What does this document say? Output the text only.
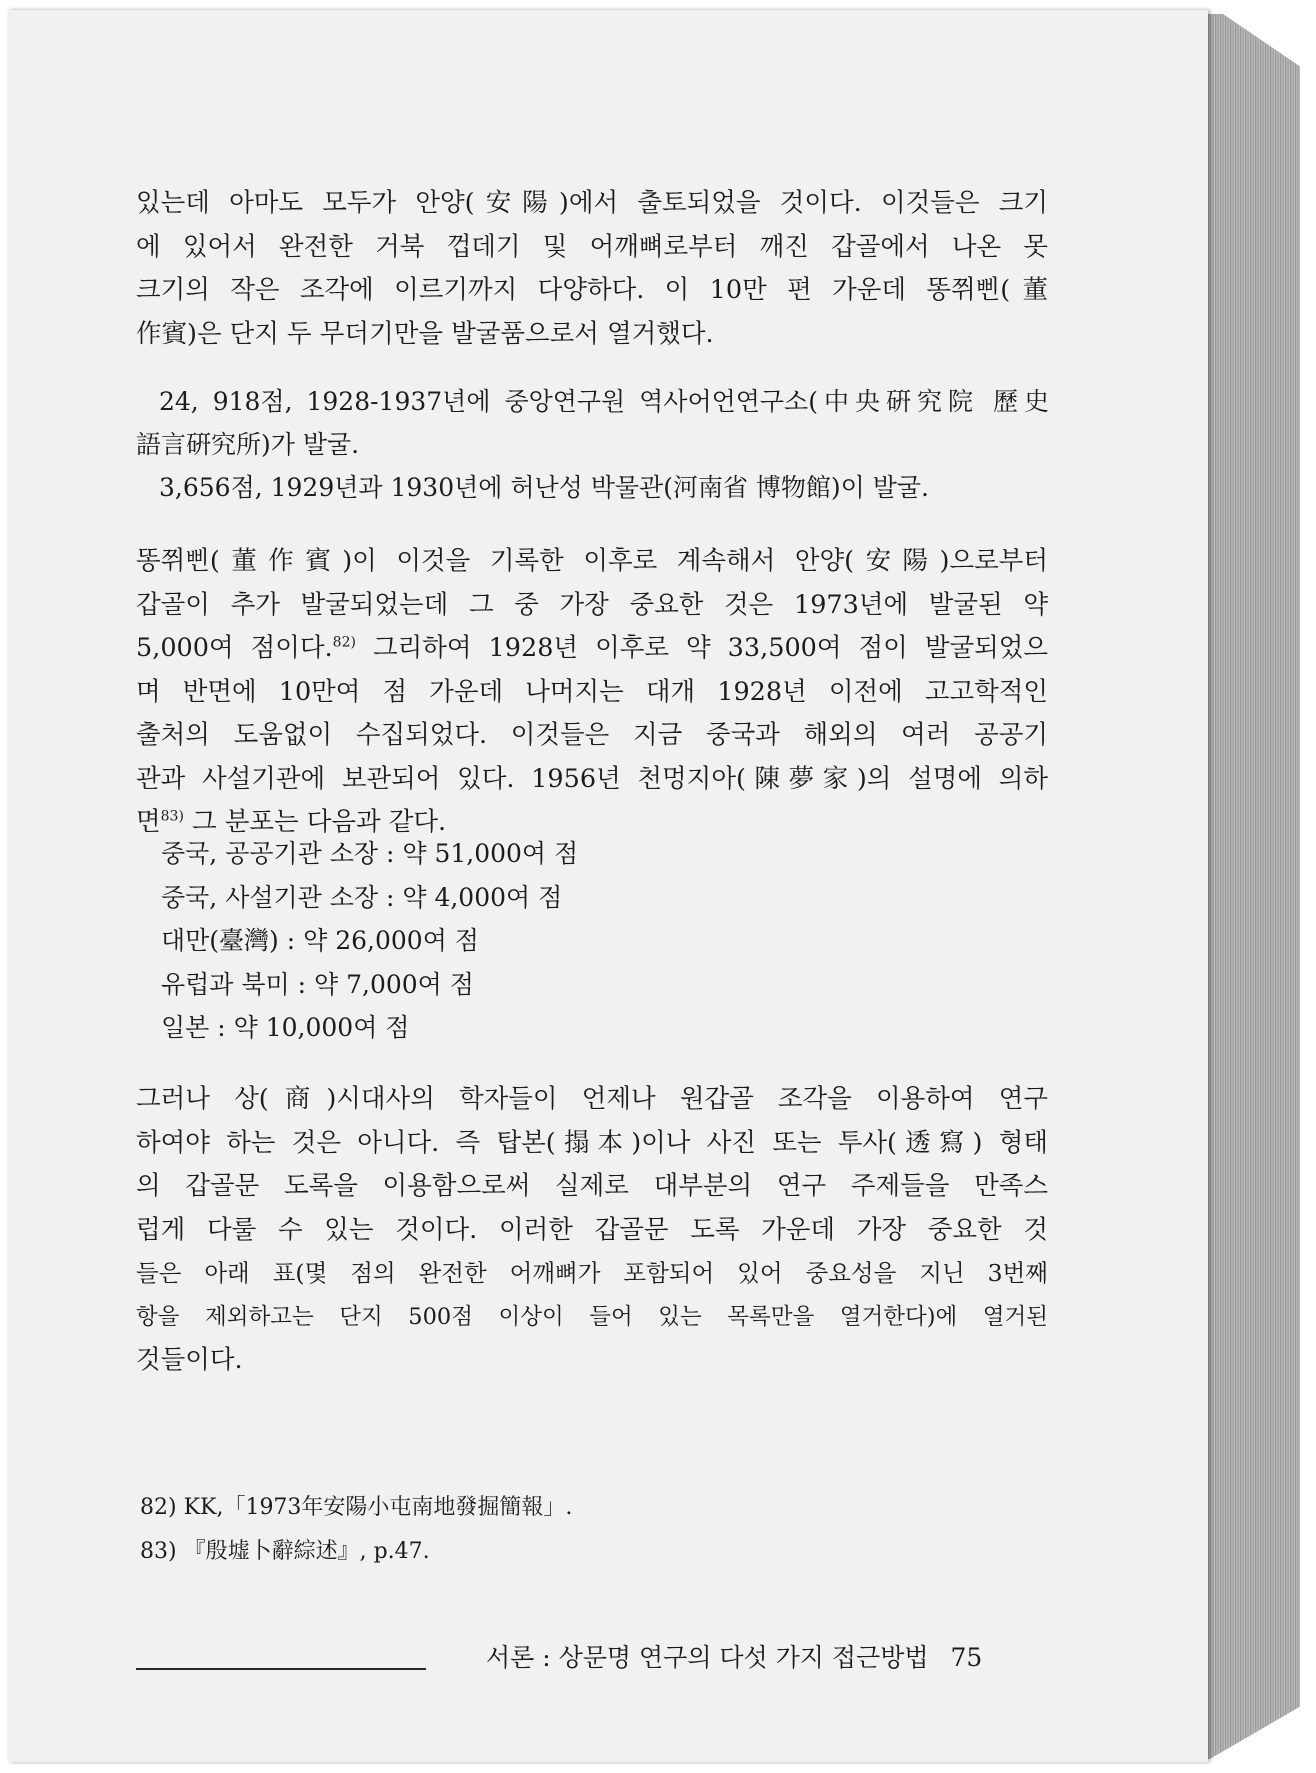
있는데 아마도 모두가 안양(安陽)에서 출토되었을 것이다. 이것들은 크기
에 있어서 완전한 거북 껍데기 및 어깨뼈로부터 깨진 갑골에서 나온 못
크기의 작은 조각에 이르기까지 다양하다. 이 10만 편 가운데 똥쮜삔(董
作賓)은 단지 두 무더기만을 발굴품으로서 열거했다.
24, 918점, 1928-1937년에 중앙연구원 역사어언연구소(中央硏究院 歷史
語言硏究所)가 발굴.
3,656점, 1929년과 1930년에 허난성 박물관(河南省 博物館)이 발굴.
똥쮜삔(董作賓)이 이것을 기록한 이후로 계속해서 안양(安陽)으로부터
갑골이 추가 발굴되었는데 그 중 가장 중요한 것은 1973년에 발굴된 약
5,000여 점이다.$^{82)}$ 그리하여 1928년 이후로 약 33,500여 점이 발굴되었으
며 반면에 10만여 점 가운데 나머지는 대개 1928년 이전에 고고학적인
출처의 도움없이 수집되었다. 이것들은 지금 중국과 해외의 여러 공공기
관과 사설기관에 보관되어 있다. 1956년 천멍지아(陳夢家)의 설명에 의하
면$^{83)}$ 그 분포는 다음과 같다.
중국, 공공기관 소장 : 약 51,000여 점
중국, 사설기관 소장 : 약 4,000여 점
대만(臺灣) : 약 26,000여 점
유럽과 북미 : 약 7,000여 점
일본 : 약 10,000여 점
그러나 상(商)시대사의 학자들이 언제나 원갑골 조각을 이용하여 연구
하여야 하는 것은 아니다. 즉 탑본(搨本)이나 사진 또는 투사(透寫) 형태
의 갑골문 도록을 이용함으로써 실제로 대부분의 연구 주제들을 만족스
럽게 다룰 수 있는 것이다. 이러한 갑골문 도록 가운데 가장 중요한 것
들은 아래 표(몇 점의 완전한 어깨뼈가 포함되어 있어 중요성을 지닌 3번째
항을 제외하고는 단지 500점 이상이 들어 있는 목록만을 열거한다)에 열거된
것들이다.
82) KK,「1973年安陽小屯南地發掘簡報」.
83) 『殷墟卜辭綜述』, p.47.
서론 : 상문명 연구의 다섯 가지 접근방법 75
